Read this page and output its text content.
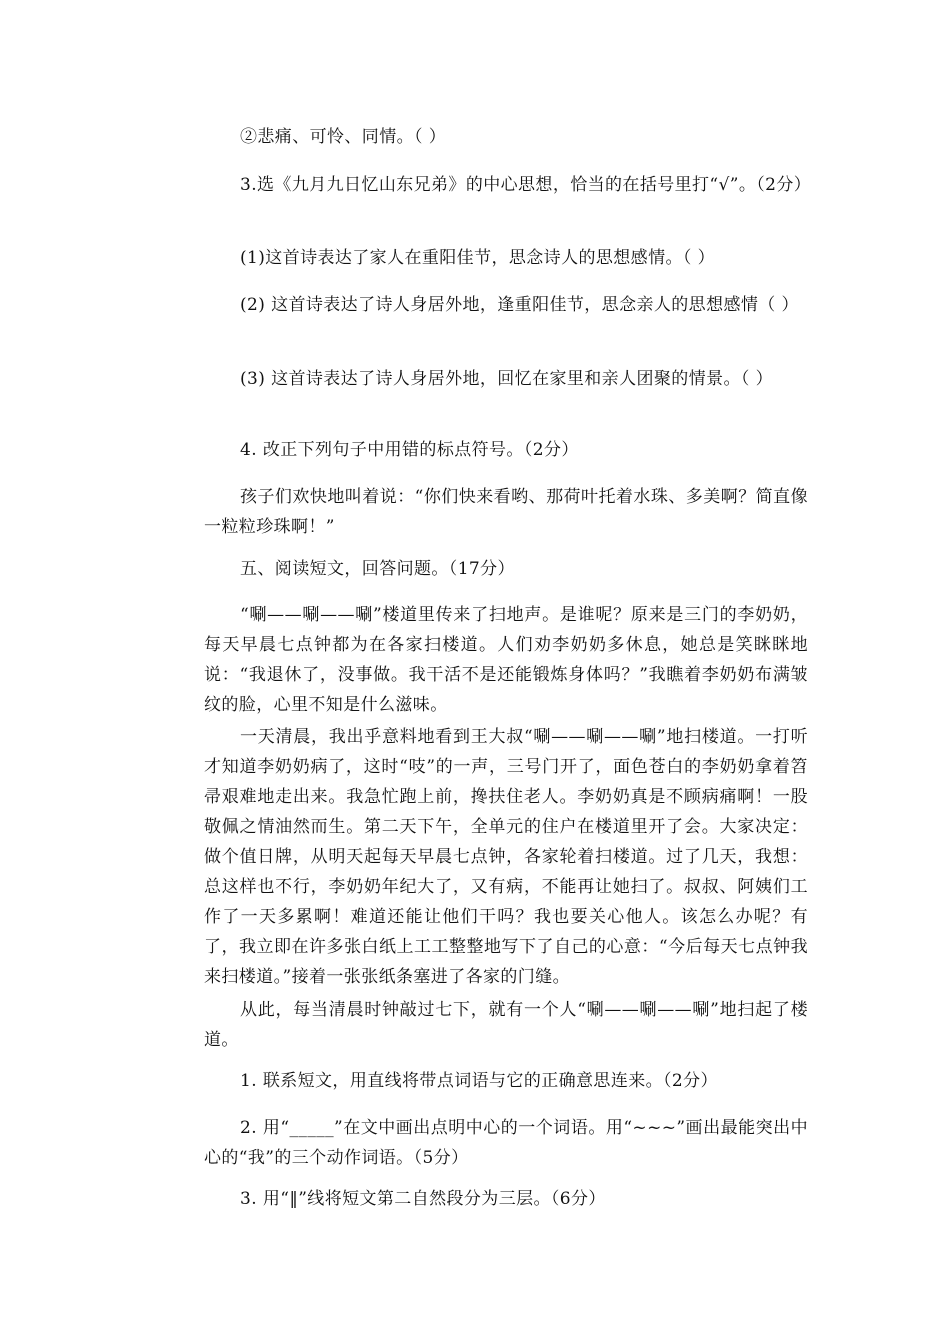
②悲痛、可怜、同情。（ ）

3.选《九月九日忆山东兄弟》的中心思想，恰当的在括号里打“√”。（2分）

(1)这首诗表达了家人在重阳佳节，思念诗人的思想感情。（ ）

(2) 这首诗表达了诗人身居外地，逢重阳佳节，思念亲人的思想感情（ ）

(3) 这首诗表达了诗人身居外地，回忆在家里和亲人团聚的情景。（ ）

4. 改正下列句子中用错的标点符号。（2分）

孩子们欢快地叫着说：“你们快来看哟、那荷叶托着水珠、多美啊？简直像一粒粒珍珠啊！”

五、阅读短文，回答问题。（17分）

“唰——唰——唰”楼道里传来了扫地声。是谁呢？原来是三门的李奶奶，每天早晨七点钟都为在各家扫楼道。人们劝李奶奶多休息，她总是笑眯眯地说：“我退休了，没事做。我干活不是还能锻炼身体吗？”我瞧着李奶奶布满皱纹的脸，心里不知是什么滋味。

一天清晨，我出乎意料地看到王大叔“唰——唰——唰”地扫楼道。一打听才知道李奶奶病了，这时“吱”的一声，三号门开了，面色苍白的李奶奶拿着笤帚艰难地走出来。我急忙跑上前，搀扶住老人。李奶奶真是不顾病痛啊！一股敬佩之情油然而生。第二天下午，全单元的住户在楼道里开了会。大家决定：做个值日牌，从明天起每天早晨七点钟，各家轮着扫楼道。过了几天，我想：总这样也不行，李奶奶年纪大了，又有病，不能再让她扫了。叔叔、阿姨们工作了一天多累啊！难道还能让他们干吗？我也要关心他人。该怎么办呢？有了，我立即在许多张白纸上工工整整地写下了自己的心意：“今后每天七点钟我来扫楼道。”接着一张张纸条塞进了各家的门缝。

从此，每当清晨时钟敲过七下，就有一个人“唰——唰——唰”地扫起了楼道。

1. 联系短文，用直线将带点词语与它的正确意思连来。（2分）

2. 用“_____”在文中画出点明中心的一个词语。用“~~~”画出最能突出中心的“我”的三个动作词语。（5分）

3. 用“‖”线将短文第二自然段分为三层。（6分）
